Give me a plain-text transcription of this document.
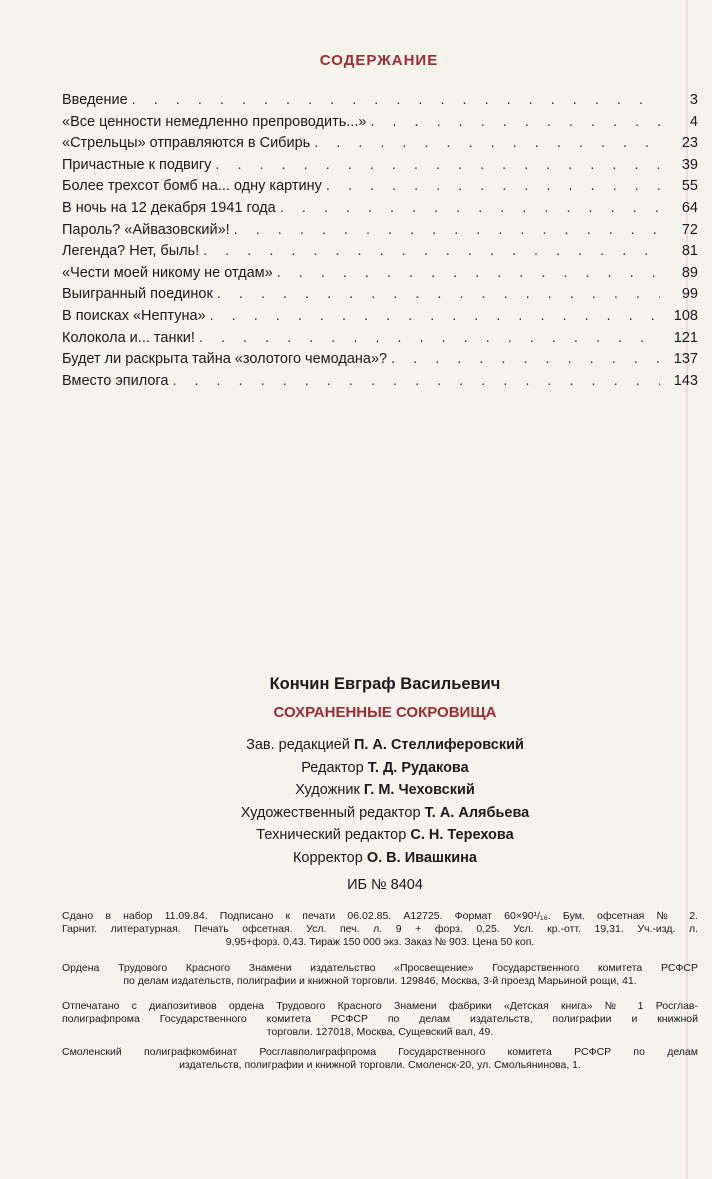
СОДЕРЖАНИЕ
Введение . . .	3
«Все ценности немедленно препроводить...» . . .	4
«Стрельцы» отправляются в Сибирь . . .	23
Причастные к подвигу . . .	39
Более трехсот бомб на... одну картину . . .	55
В ночь на 12 декабря 1941 года . . .	64
Пароль? «Айвазовский»! . . .	72
Легенда? Нет, быль! . . .	81
«Чести моей никому не отдам» . . .	89
Выигранный поединок . . .	99
В поисках «Нептуна» . . .	108
Колокола и... танки! . . .	121
Будет ли раскрыта тайна «золотого чемодана»? . . .	137
Вместо эпилога . . .	143
Кончин Евграф Васильевич
СОХРАНЕННЫЕ СОКРОВИЩА
Зав. редакцией П. А. Стеллиферовский
Редактор Т. Д. Рудакова
Художник Г. М. Чеховский
Художественный редактор Т. А. Алябьева
Технический редактор С. Н. Терехова
Корректор О. В. Ивашкина
ИБ № 8404
Сдано в набор 11.09.84. Подписано к печати 06.02.85. А12725. Формат 60×90¹/₁₆. Бум. офсетная № 2.
Гарнит. литературная. Печать офсетная. Усл. печ. л. 9 + форз. 0,25. Усл. кр.-отт. 19,31. Уч.-изд. л.
9,95+форз. 0,43. Тираж 150 000 экз. Заказ № 903. Цена 50 коп.
Ордена Трудового Красного Знамени издательство «Просвещение» Государственного комитета РСФСР
по делам издательств, полиграфии и книжной торговли. 129846, Москва, 3-й проезд Марьиной рощи, 41.
Отпечатано с диапозитивов ордена Трудового Красного Знамени фабрики «Детская книга» № 1 Росглав-
полиграфпрома Государственного комитета РСФСР по делам издательств, полиграфии и книжной
торговли. 127018, Москва, Сущевский вал, 49.
Смоленский полиграфкомбинат Росглавполиграфпрома Государственного комитета РСФСР по делам
издательств, полиграфии и книжной торговли. Смоленск-20, ул. Смольянинова, 1.
